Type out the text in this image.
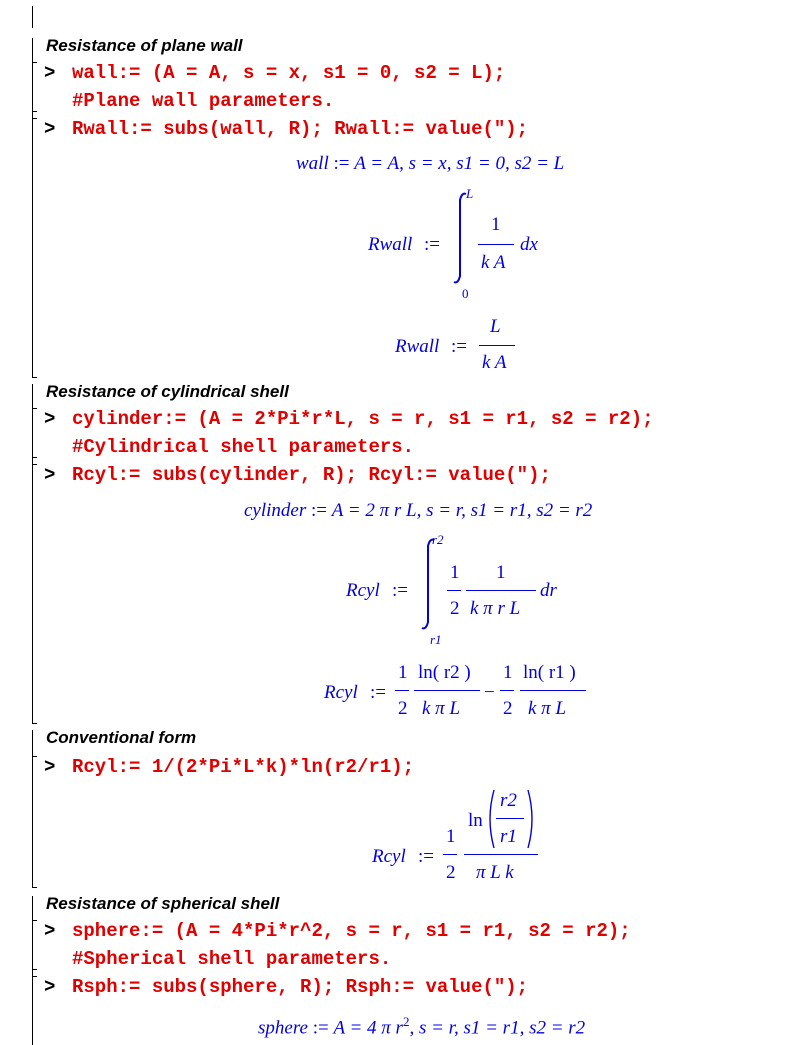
Resistance of plane wall
> wall:= (A = A, s = x, s1 = 0, s2 = L);
#Plane wall parameters.
> Rwall:= subs(wall, R); Rwall:= value(");
wall := A = A, s = x, s1 = 0, s2 = L
Rwall :=
L
0
1
k A
dx
Rwall :=
L
k A
Resistance of cylindrical shell
> cylinder:= (A = 2*Pi*r*L, s = r, s1 = r1, s2 = r2);
#Cylindrical shell parameters.
> Rcyl:= subs(cylinder, R); Rcyl:= value(");
cylinder := A = 2 π r L, s = r, s1 = r1, s2 = r2
Rcyl :=
r2
r1
1
2
1
k π r L
dr
Rcyl :=
1
2
ln( r2 )
k π L
−
1
2
ln( r1 )
k π L
Conventional form
> Rcyl:= 1/(2*Pi*L*k)*ln(r2/r1);
Rcyl :=
1
2
ln
r2
r1
π L k
Resistance of spherical shell
> sphere:= (A = 4*Pi*r^2, s = r, s1 = r1, s2 = r2);
#Spherical shell parameters.
> Rsph:= subs(sphere, R); Rsph:= value(");
sphere := A = 4 π $r^2$, s = r, s1 = r1, s2 = r2
